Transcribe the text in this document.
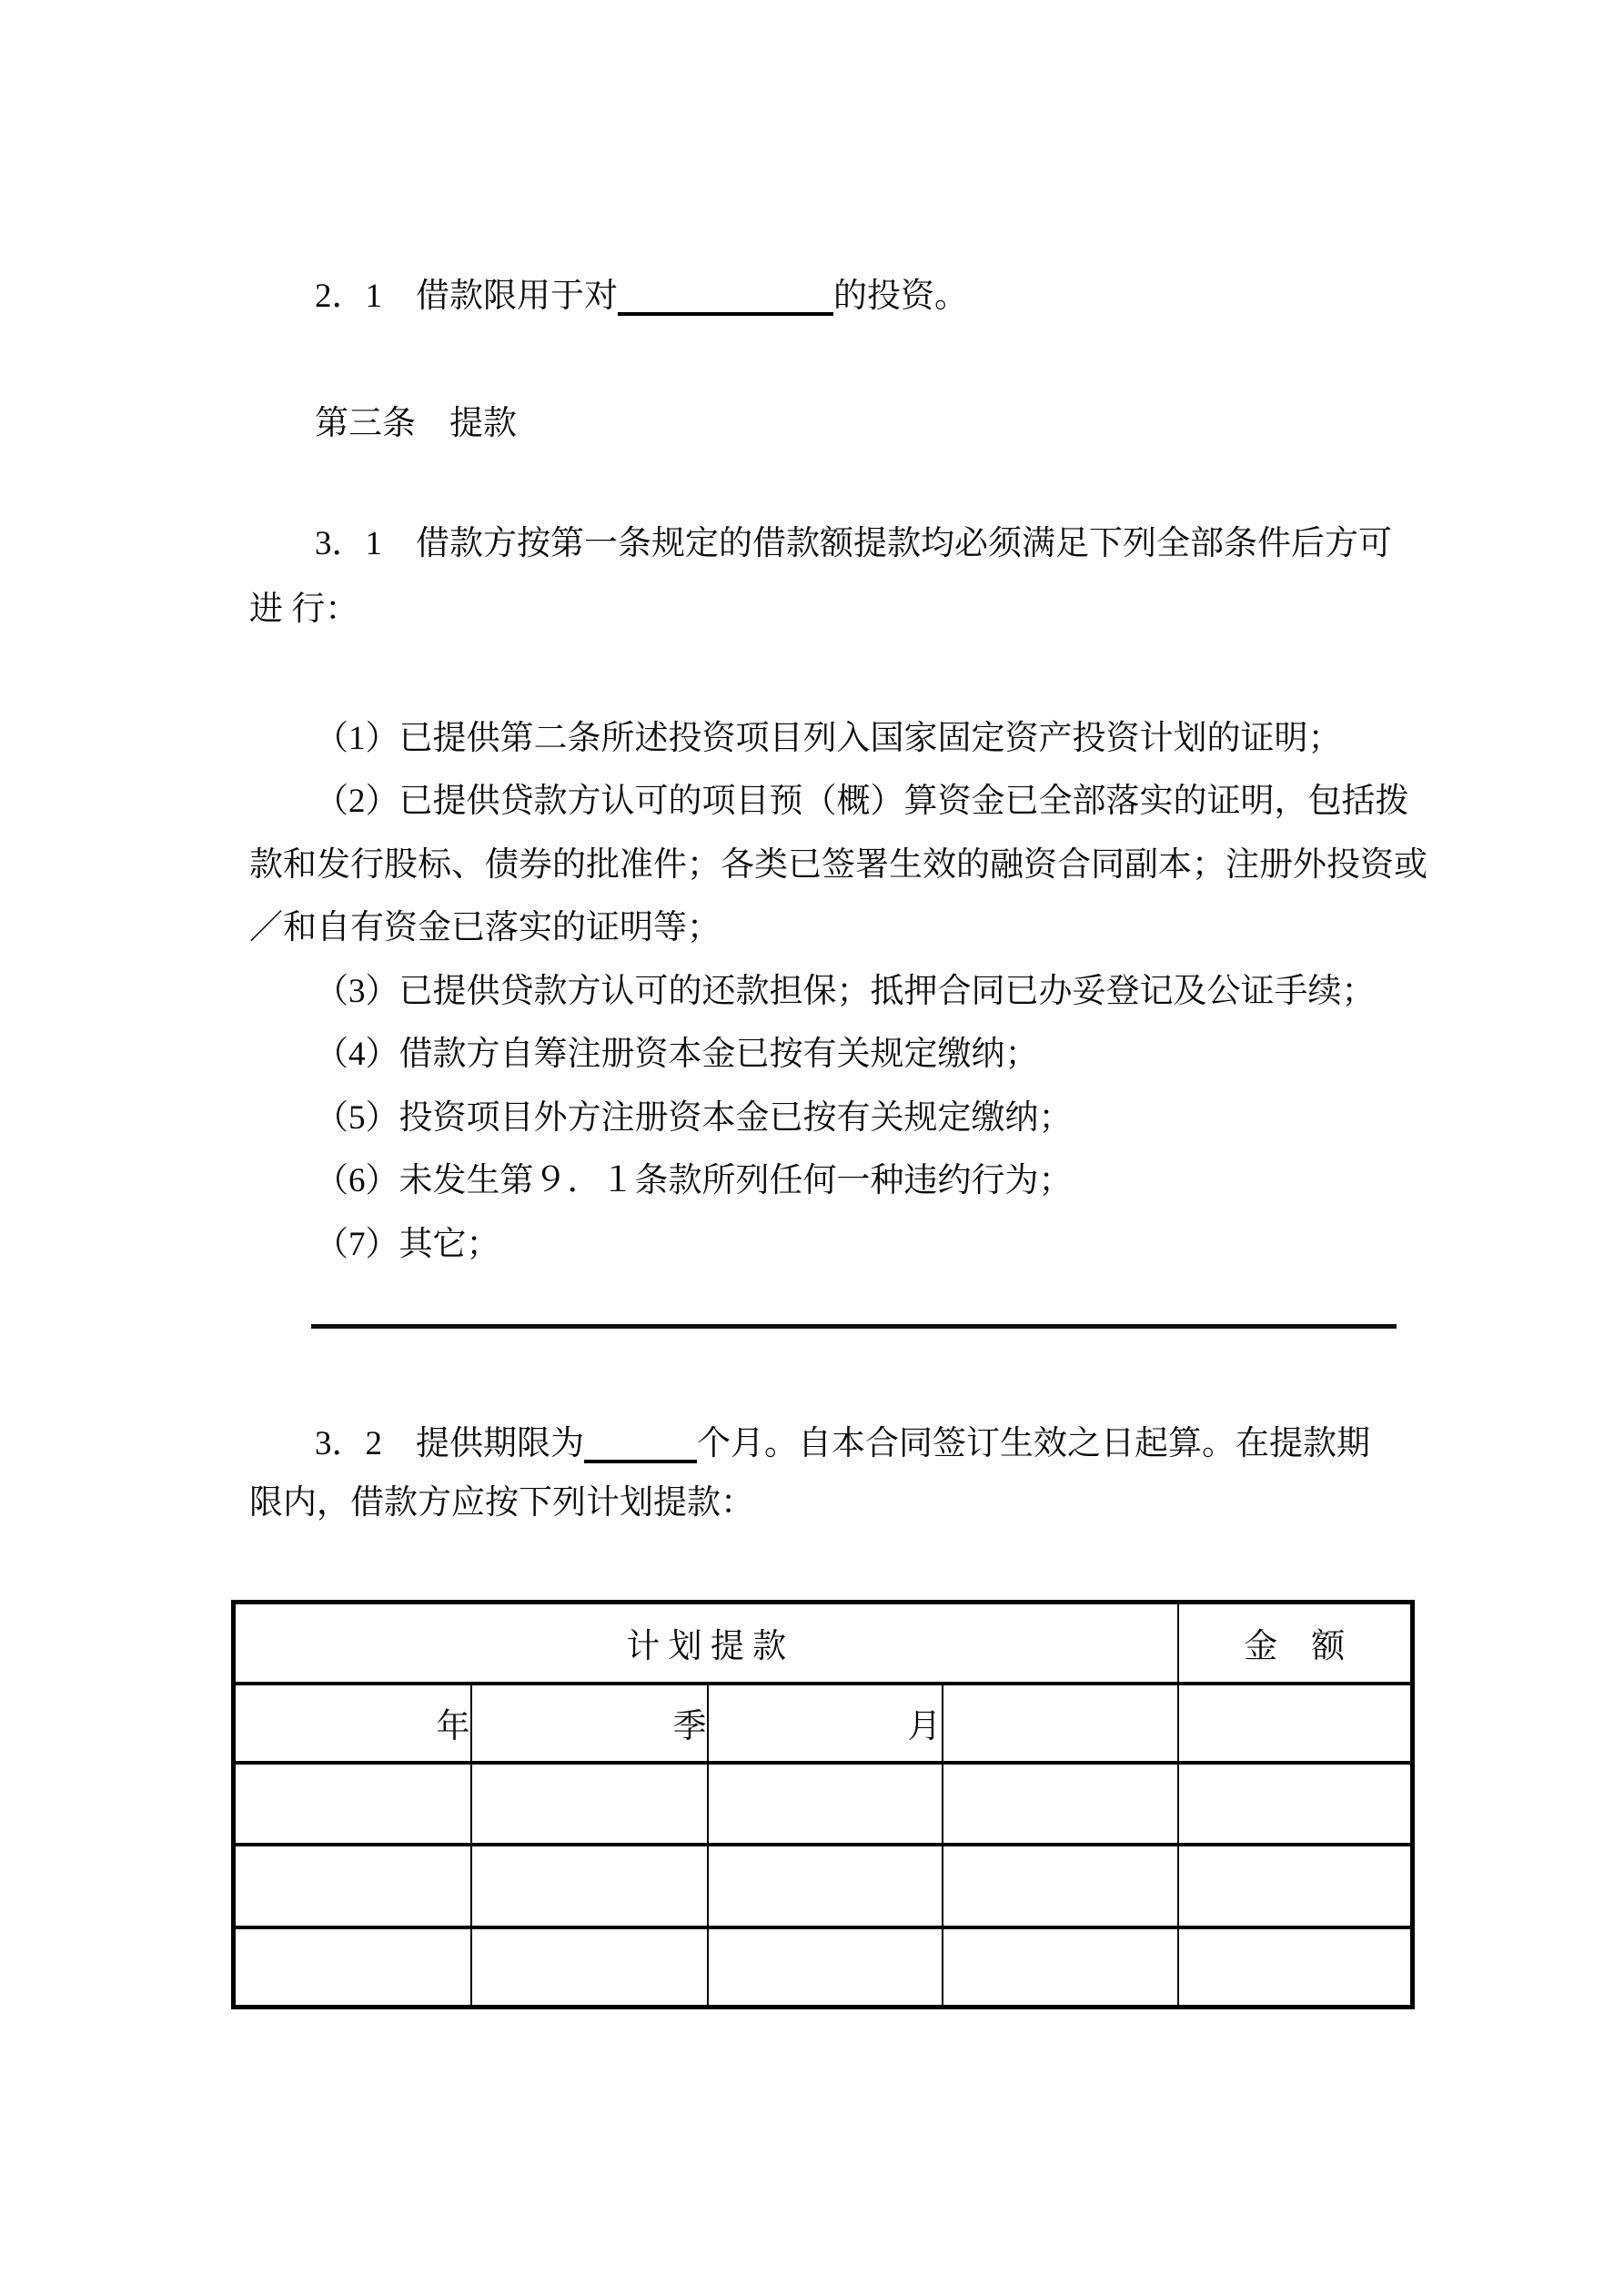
2．1　借款限用于对	的投资。
第三条　提款
3．1　借款方按第一条规定的借款额提款均必须满足下列全部条件后方可
进 行：
（1）已提供第二条所述投资项目列入国家固定资产投资计划的证明；
（2）已提供贷款方认可的项目预（概）算资金已全部落实的证明，包括拨
款和发行股标、债券的批准件；各类已签署生效的融资合同副本；注册外投资或
／和自有资金已落实的证明等；
（3）已提供贷款方认可的还款担保；抵押合同已办妥登记及公证手续；
（4）借款方自筹注册资本金已按有关规定缴纳；
（5）投资项目外方注册资本金已按有关规定缴纳；
（6）未发生第９．１条款所列任何一种违约行为；
（7）其它；
3．2　提供期限为	个月。自本合同签订生效之日起算。在提款期
限内，借款方应按下列计划提款：
计 划 提 款				金　额
年	季	月		
